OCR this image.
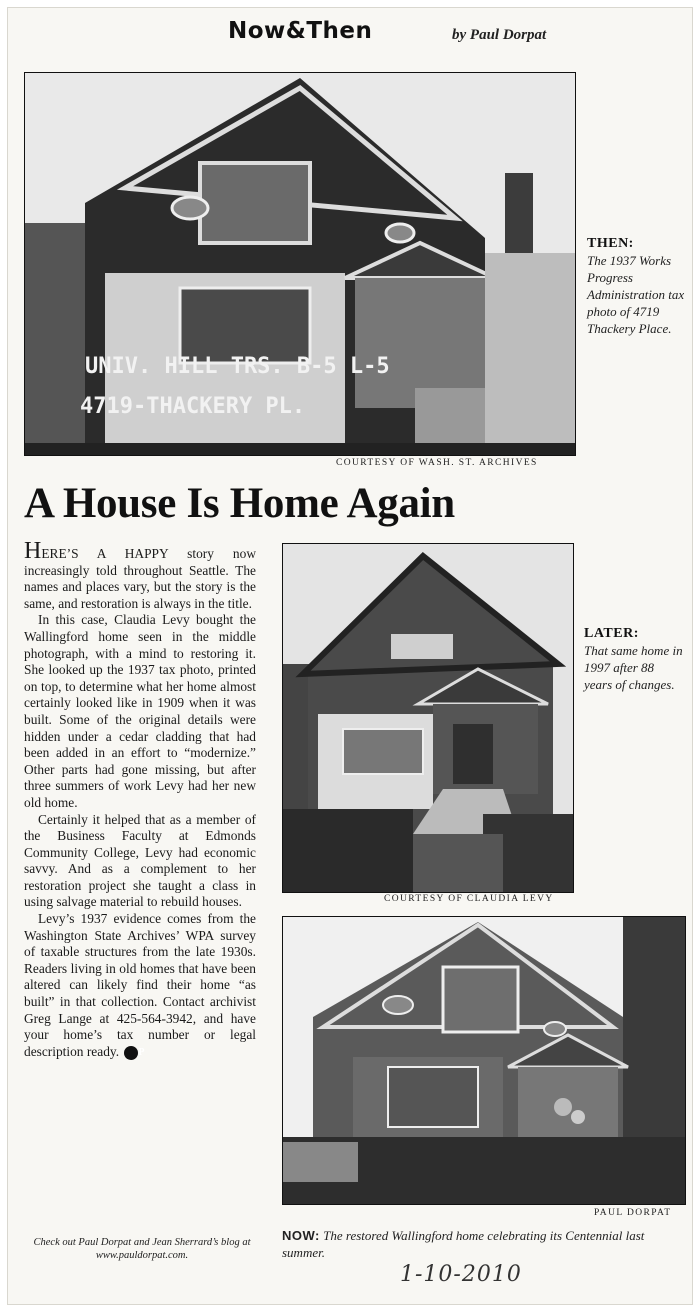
Now&Then	by Paul Dorpat
UNIV. HILL TRS. B-5 L-5
4719-THACKERY PL.
THEN:
The 1937 Works Progress Administration tax photo of 4719 Thackery Place.
COURTESY OF WASH. ST. ARCHIVES
A House Is Home Again

HERE’S A HAPPY story now increasingly told throughout Seattle. The names and places vary, but the story is the same, and restoration is always in the title.

In this case, Claudia Levy bought the Wallingford home seen in the middle photograph, with a mind to restoring it. She looked up the 1937 tax photo, printed on top, to determine what her home almost certainly looked like in 1909 when it was built. Some of the original details were hidden under a cedar cladding that had been added in an effort to “modernize.” Other parts had gone missing, but after three summers of work Levy had her new old home.

Certainly it helped that as a member of the Business Faculty at Edmonds Community College, Levy had economic savvy. And as a complement to her restoration project she taught a class in using salvage material to rebuild houses.

Levy’s 1937 evidence comes from the Washington State Archives’ WPA survey of taxable structures from the late 1930s. Readers living in old homes that have been altered can likely find their home “as built” in that collection. Contact archivist Greg Lange at 425-564-3942, and have your home’s tax number or legal description ready. P

LATER:
That same home in 1997 after 88 years of changes.
COURTESY OF CLAUDIA LEVY
PAUL DORPAT
NOW: The restored Wallingford home celebrating its Centennial last summer.
Check out Paul Dorpat and Jean Sherrard’s blog at www.pauldorpat.com.
1-10-2010
